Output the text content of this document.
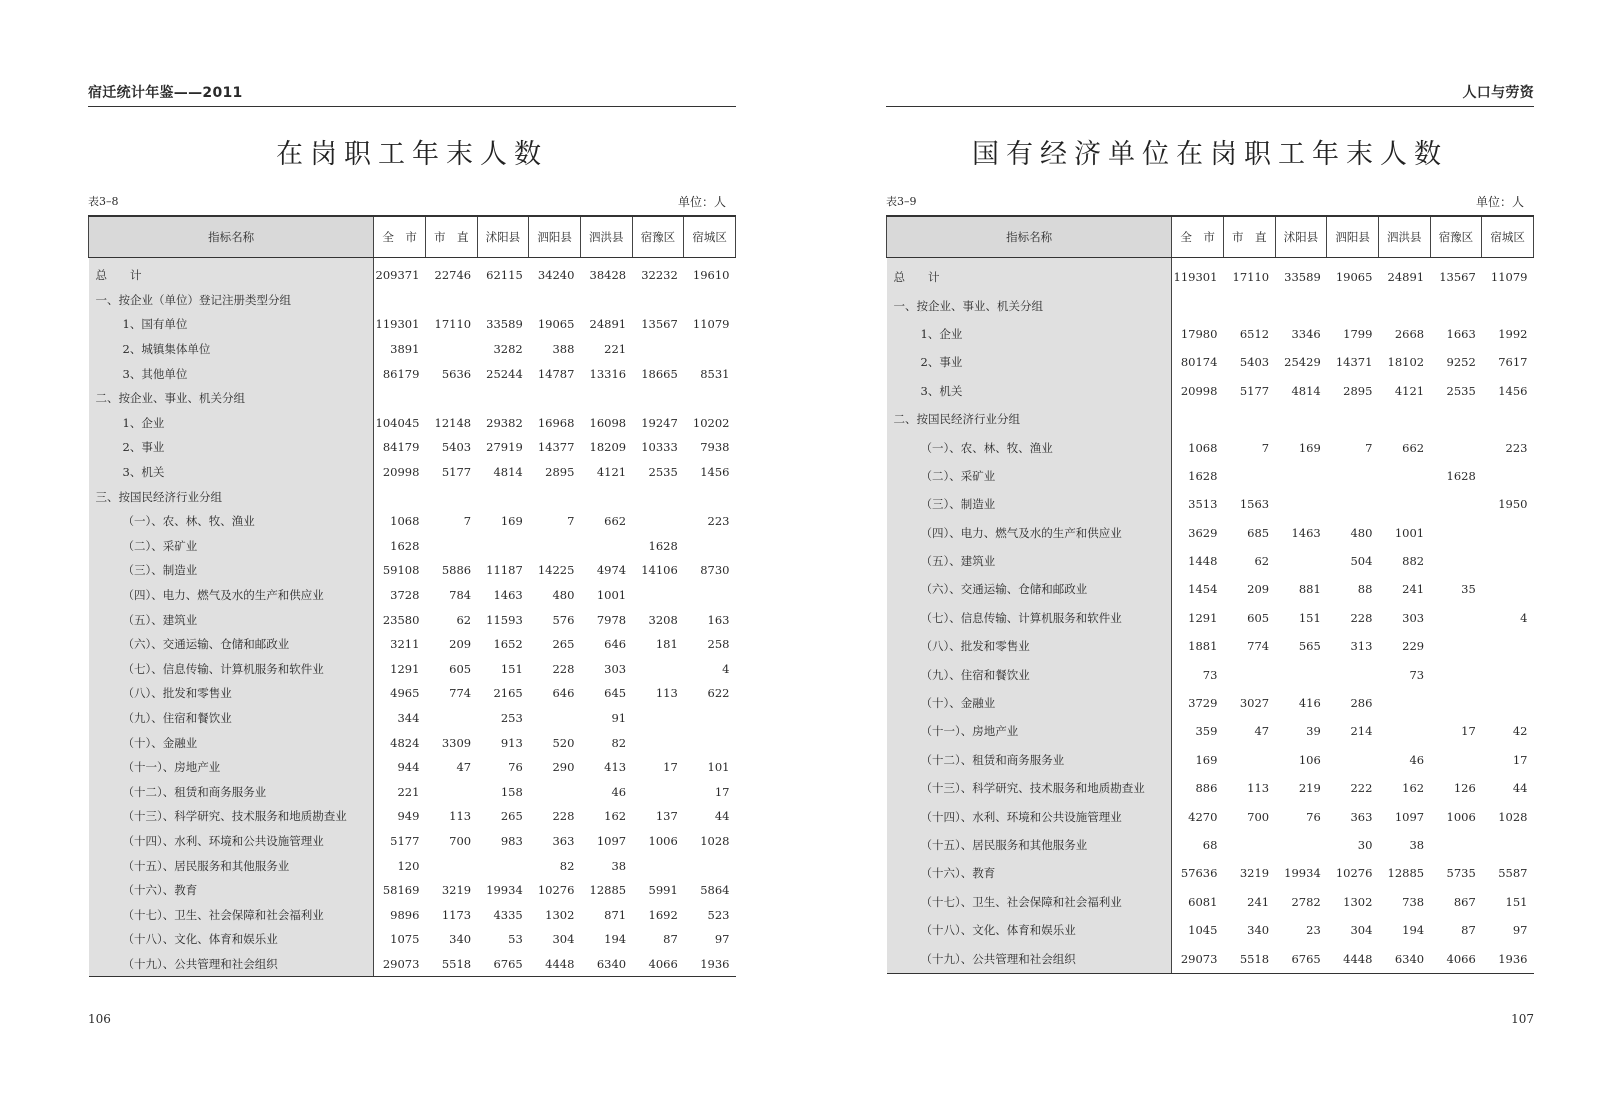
宿迁统计年鉴——2011
在岗职工年末人数
表3–8	单位：人
指标名称	全　市	市　直	沭阳县	泗阳县	泗洪县	宿豫区	宿城区
总　　计	209371	22746	62115	34240	38428	32232	19610
一、按企业（单位）登记注册类型分组							
1、国有单位	119301	17110	33589	19065	24891	13567	11079
2、城镇集体单位	3891		3282	388	221		
3、其他单位	86179	5636	25244	14787	13316	18665	8531
二、按企业、事业、机关分组							
1、企业	104045	12148	29382	16968	16098	19247	10202
2、事业	84179	5403	27919	14377	18209	10333	7938
3、机关	20998	5177	4814	2895	4121	2535	1456
三、按国民经济行业分组							
（一）、农、林、牧、渔业	1068	7	169	7	662		223
（二）、采矿业	1628					1628	
（三）、制造业	59108	5886	11187	14225	4974	14106	8730
（四）、电力、燃气及水的生产和供应业	3728	784	1463	480	1001		
（五）、建筑业	23580	62	11593	576	7978	3208	163
（六）、交通运输、仓储和邮政业	3211	209	1652	265	646	181	258
（七）、信息传输、计算机服务和软件业	1291	605	151	228	303		4
（八）、批发和零售业	4965	774	2165	646	645	113	622
（九）、住宿和餐饮业	344		253		91		
（十）、金融业	4824	3309	913	520	82		
（十一）、房地产业	944	47	76	290	413	17	101
（十二）、租赁和商务服务业	221		158		46		17
（十三）、科学研究、技术服务和地质勘查业	949	113	265	228	162	137	44
（十四）、水利、环境和公共设施管理业	5177	700	983	363	1097	1006	1028
（十五）、居民服务和其他服务业	120			82	38		
（十六）、教育	58169	3219	19934	10276	12885	5991	5864
（十七）、卫生、社会保障和社会福利业	9896	1173	4335	1302	871	1692	523
（十八）、文化、体育和娱乐业	1075	340	53	304	194	87	97
（十九）、公共管理和社会组织	29073	5518	6765	4448	6340	4066	1936
106
人口与劳资
国有经济单位在岗职工年末人数
表3–9	单位：人
指标名称	全　市	市　直	沭阳县	泗阳县	泗洪县	宿豫区	宿城区
总　　计	119301	17110	33589	19065	24891	13567	11079
一、按企业、事业、机关分组							
1、企业	17980	6512	3346	1799	2668	1663	1992
2、事业	80174	5403	25429	14371	18102	9252	7617
3、机关	20998	5177	4814	2895	4121	2535	1456
二、按国民经济行业分组							
（一）、农、林、牧、渔业	1068	7	169	7	662		223
（二）、采矿业	1628					1628	
（三）、制造业	3513	1563					1950
（四）、电力、燃气及水的生产和供应业	3629	685	1463	480	1001		
（五）、建筑业	1448	62		504	882		
（六）、交通运输、仓储和邮政业	1454	209	881	88	241	35	
（七）、信息传输、计算机服务和软件业	1291	605	151	228	303		4
（八）、批发和零售业	1881	774	565	313	229		
（九）、住宿和餐饮业	73				73		
（十）、金融业	3729	3027	416	286			
（十一）、房地产业	359	47	39	214		17	42
（十二）、租赁和商务服务业	169		106		46		17
（十三）、科学研究、技术服务和地质勘查业	886	113	219	222	162	126	44
（十四）、水利、环境和公共设施管理业	4270	700	76	363	1097	1006	1028
（十五）、居民服务和其他服务业	68			30	38		
（十六）、教育	57636	3219	19934	10276	12885	5735	5587
（十七）、卫生、社会保障和社会福利业	6081	241	2782	1302	738	867	151
（十八）、文化、体育和娱乐业	1045	340	23	304	194	87	97
（十九）、公共管理和社会组织	29073	5518	6765	4448	6340	4066	1936
107
